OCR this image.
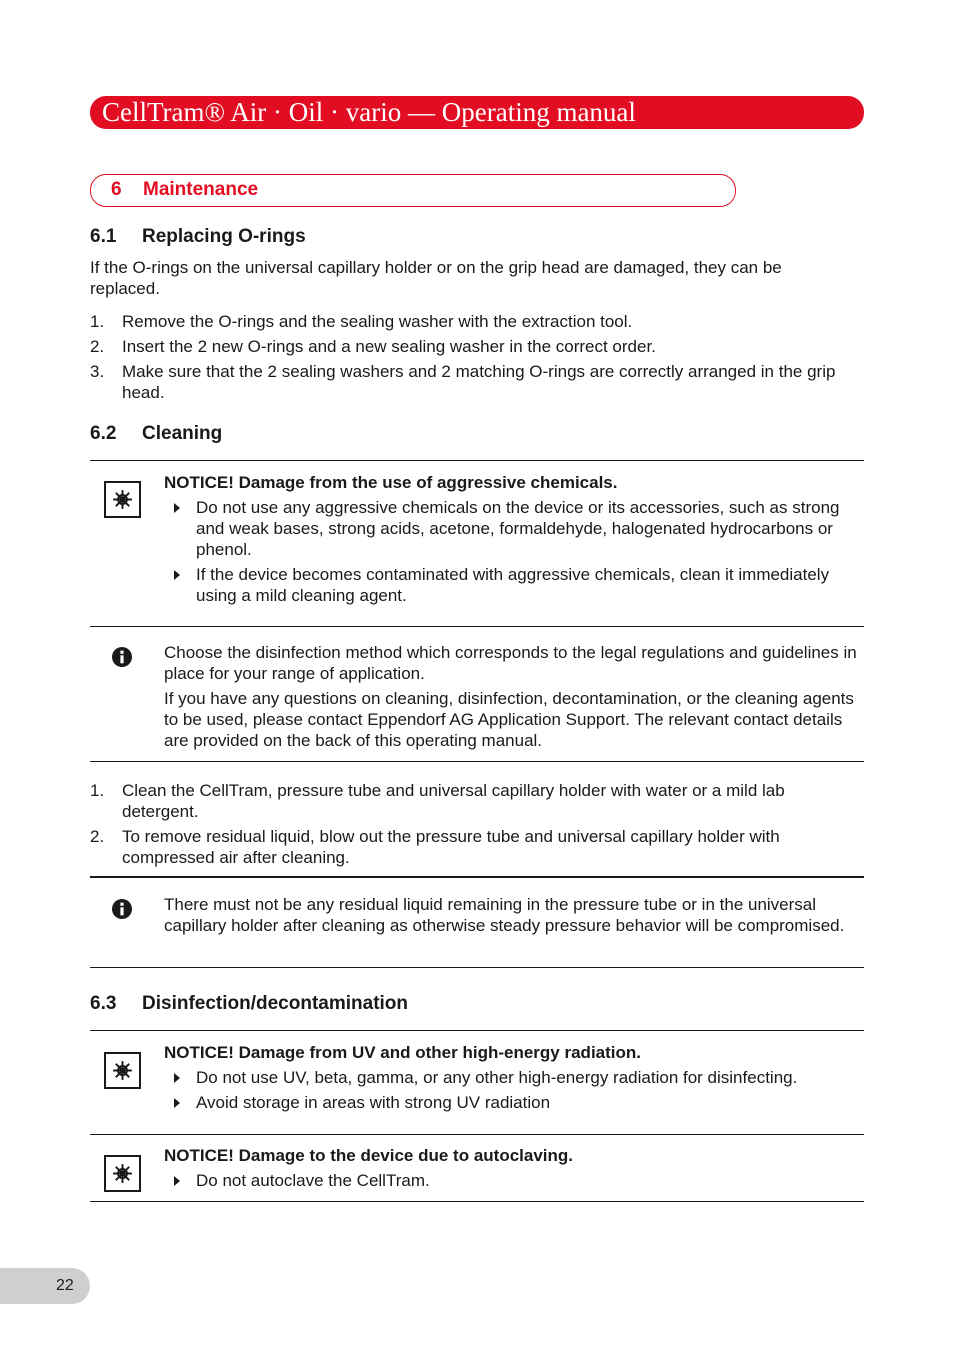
CellTram® Air · Oil · vario — Operating manual
6 Maintenance
6.1 Replacing O-rings
If the O-rings on the universal capillary holder or on the grip head are damaged, they can be replaced.
1. Remove the O-rings and the sealing washer with the extraction tool.
2. Insert the 2 new O-rings and a new sealing washer in the correct order.
3. Make sure that the 2 sealing washers and 2 matching O-rings are correctly arranged in the grip head.
6.2 Cleaning
NOTICE! Damage from the use of aggressive chemicals.
Do not use any aggressive chemicals on the device or its accessories, such as strong and weak bases, strong acids, acetone, formaldehyde, halogenated hydrocarbons or phenol.
If the device becomes contaminated with aggressive chemicals, clean it immediately using a mild cleaning agent.
Choose the disinfection method which corresponds to the legal regulations and guidelines in place for your range of application.
If you have any questions on cleaning, disinfection, decontamination, or the cleaning agents to be used, please contact Eppendorf AG Application Support. The relevant contact details are provided on the back of this operating manual.
1. Clean the CellTram, pressure tube and universal capillary holder with water or a mild lab detergent.
2. To remove residual liquid, blow out the pressure tube and universal capillary holder with compressed air after cleaning.
There must not be any residual liquid remaining in the pressure tube or in the universal capillary holder after cleaning as otherwise steady pressure behavior will be compromised.
6.3 Disinfection/decontamination
NOTICE! Damage from UV and other high-energy radiation.
Do not use UV, beta, gamma, or any other high-energy radiation for disinfecting.
Avoid storage in areas with strong UV radiation
NOTICE! Damage to the device due to autoclaving.
Do not autoclave the CellTram.
22
